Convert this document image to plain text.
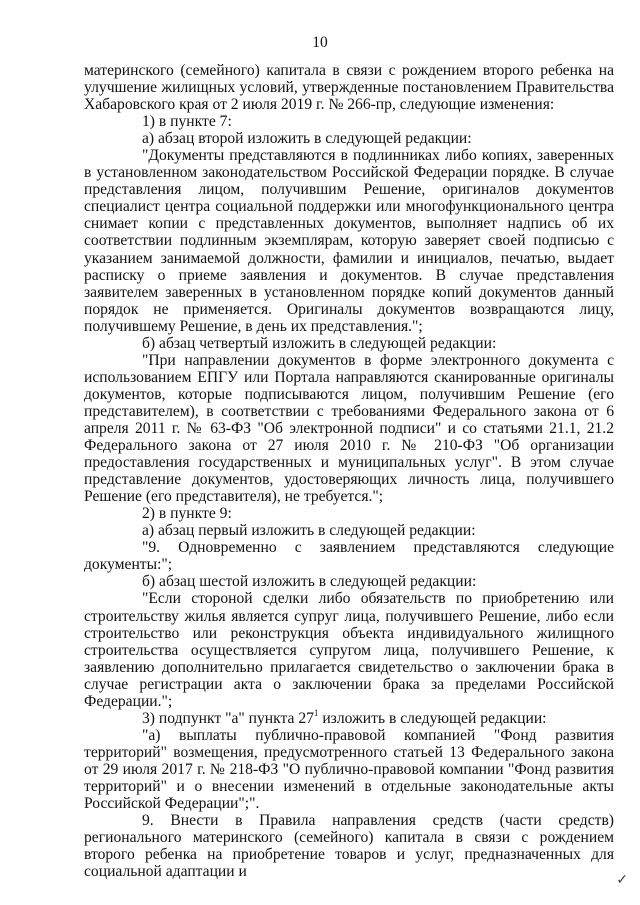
10

материнского (семейного) капитала в связи с рождением второго ребенка на улучшение жилищных условий, утвержденные постановлением Правительства Хабаровского края от 2 июля 2019 г. № 266-пр, следующие изменения:

1) в пункте 7:

а) абзац второй изложить в следующей редакции:

"Документы представляются в подлинниках либо копиях, заверенных в установленном законодательством Российской Федерации порядке. В случае представления лицом, получившим Решение, оригиналов документов специалист центра социальной поддержки или многофункционального центра снимает копии с представленных документов, выполняет надпись об их соответствии подлинным экземплярам, которую заверяет своей подписью с указанием занимаемой должности, фамилии и инициалов, печатью, выдает расписку о приеме заявления и документов. В случае представления заявителем заверенных в установленном порядке копий документов данный порядок не применяется. Оригиналы документов возвращаются лицу, получившему Решение, в день их представления.";

б) абзац четвертый изложить в следующей редакции:

"При направлении документов в форме электронного документа с использованием ЕПГУ или Портала направляются сканированные оригиналы документов, которые подписываются лицом, получившим Решение (его представителем), в соответствии с требованиями Федерального закона от 6 апреля 2011 г. № 63-ФЗ "Об электронной подписи" и со статьями 21.1, 21.2 Федерального закона от 27 июля 2010 г. № 210-ФЗ "Об организации предоставления государственных и муниципальных услуг". В этом случае представление документов, удостоверяющих личность лица, получившего Решение (его представителя), не требуется.";

2) в пункте 9:

а) абзац первый изложить в следующей редакции:

"9. Одновременно с заявлением представляются следующие документы:";

б) абзац шестой изложить в следующей редакции:

"Если стороной сделки либо обязательств по приобретению или строительству жилья является супруг лица, получившего Решение, либо если строительство или реконструкция объекта индивидуального жилищного строительства осуществляется супругом лица, получившего Решение, к заявлению дополнительно прилагается свидетельство о заключении брака в случае регистрации акта о заключении брака за пределами Российской Федерации.";

3) подпункт "а" пункта $27^1$ изложить в следующей редакции:

"а) выплаты публично-правовой компанией "Фонд развития территорий" возмещения, предусмотренного статьей 13 Федерального закона от 29 июля 2017 г. № 218-ФЗ "О публично-правовой компании "Фонд развития территорий" и о внесении изменений в отдельные законодательные акты Российской Федерации";".

9. Внести в Правила направления средств (части средств) регионального материнского (семейного) капитала в связи с рождением второго ребенка на приобретение товаров и услуг, предназначенных для социальной адаптации и

✓
